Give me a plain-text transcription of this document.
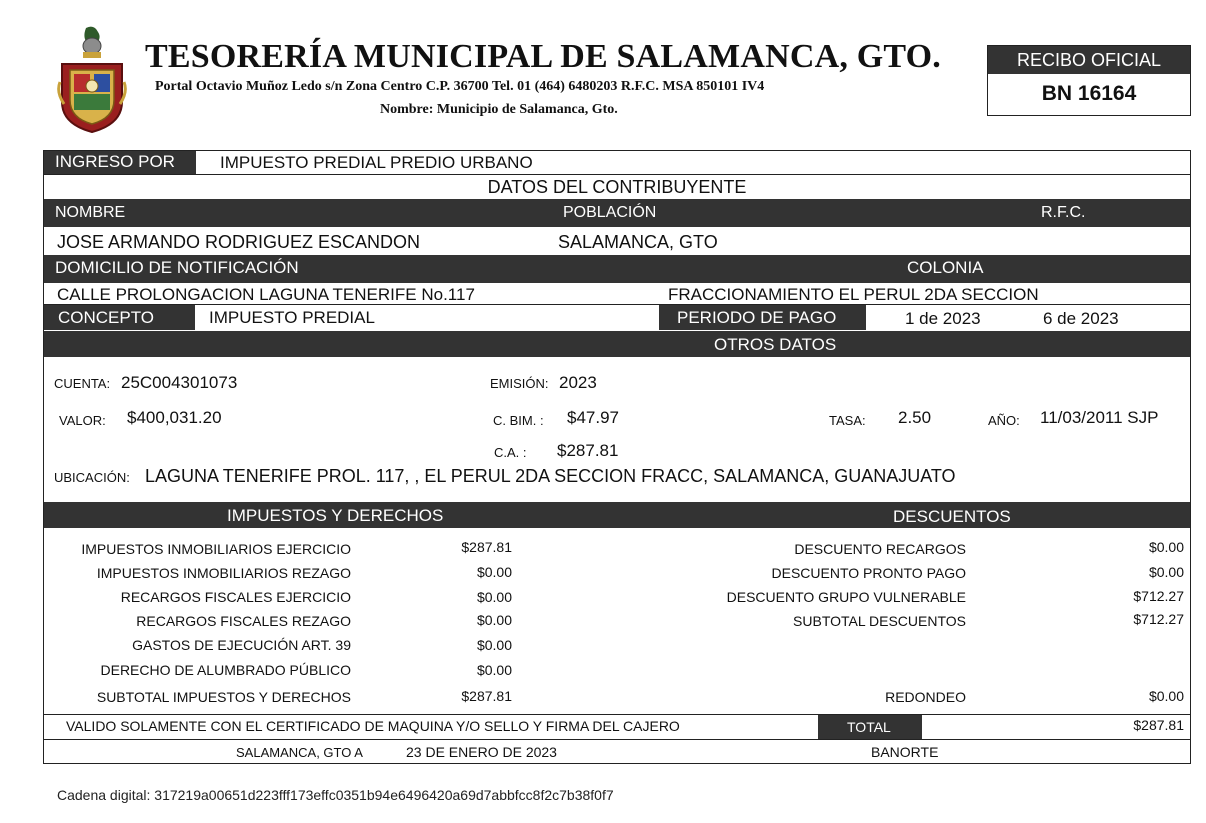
TESORERÍA MUNICIPAL DE SALAMANCA, GTO.
Portal Octavio Muñoz Ledo s/n Zona Centro C.P. 36700 Tel. 01 (464) 6480203 R.F.C. MSA 850101 IV4
Nombre: Municipio de Salamanca, Gto.
RECIBO OFICIAL
BN 16164
INGRESO POR	IMPUESTO PREDIAL PREDIO URBANO
DATOS DEL CONTRIBUYENTE
NOMBRE	POBLACIÓN	R.F.C.
JOSE ARMANDO RODRIGUEZ ESCANDON	SALAMANCA, GTO
DOMICILIO DE NOTIFICACIÓN	COLONIA
CALLE PROLONGACION LAGUNA TENERIFE No.117	FRACCIONAMIENTO EL PERUL 2DA SECCION
CONCEPTO	IMPUESTO PREDIAL	PERIODO DE PAGO	1 de 2023	6 de 2023
OTROS DATOS
CUENTA: 25C004301073	EMISIÓN: 2023
VALOR: $400,031.20	C. BIM. : $47.97	TASA: 2.50	AÑO: 11/03/2011 SJP
C.A. : $287.81
UBICACIÓN: LAGUNA TENERIFE PROL. 117, , EL PERUL 2DA SECCION FRACC, SALAMANCA, GUANAJUATO
IMPUESTOS Y DERECHOS	DESCUENTOS
IMPUESTOS INMOBILIARIOS EJERCICIO	$287.81
IMPUESTOS INMOBILIARIOS REZAGO	$0.00
RECARGOS FISCALES EJERCICIO	$0.00
RECARGOS FISCALES REZAGO	$0.00
GASTOS DE EJECUCIÓN ART. 39	$0.00
DERECHO DE ALUMBRADO PÚBLICO	$0.00
SUBTOTAL IMPUESTOS Y DERECHOS	$287.81
DESCUENTO RECARGOS	$0.00
DESCUENTO PRONTO PAGO	$0.00
DESCUENTO GRUPO VULNERABLE	$712.27
SUBTOTAL DESCUENTOS	$712.27
REDONDEO	$0.00
VALIDO SOLAMENTE CON EL CERTIFICADO DE MAQUINA Y/O SELLO Y FIRMA DEL CAJERO	TOTAL	$287.81
SALAMANCA, GTO A	23 DE ENERO DE 2023	BANORTE
Cadena digital: 317219a00651d223fff173effc0351b94e6496420a69d7abbfcc8f2c7b38f0f7
